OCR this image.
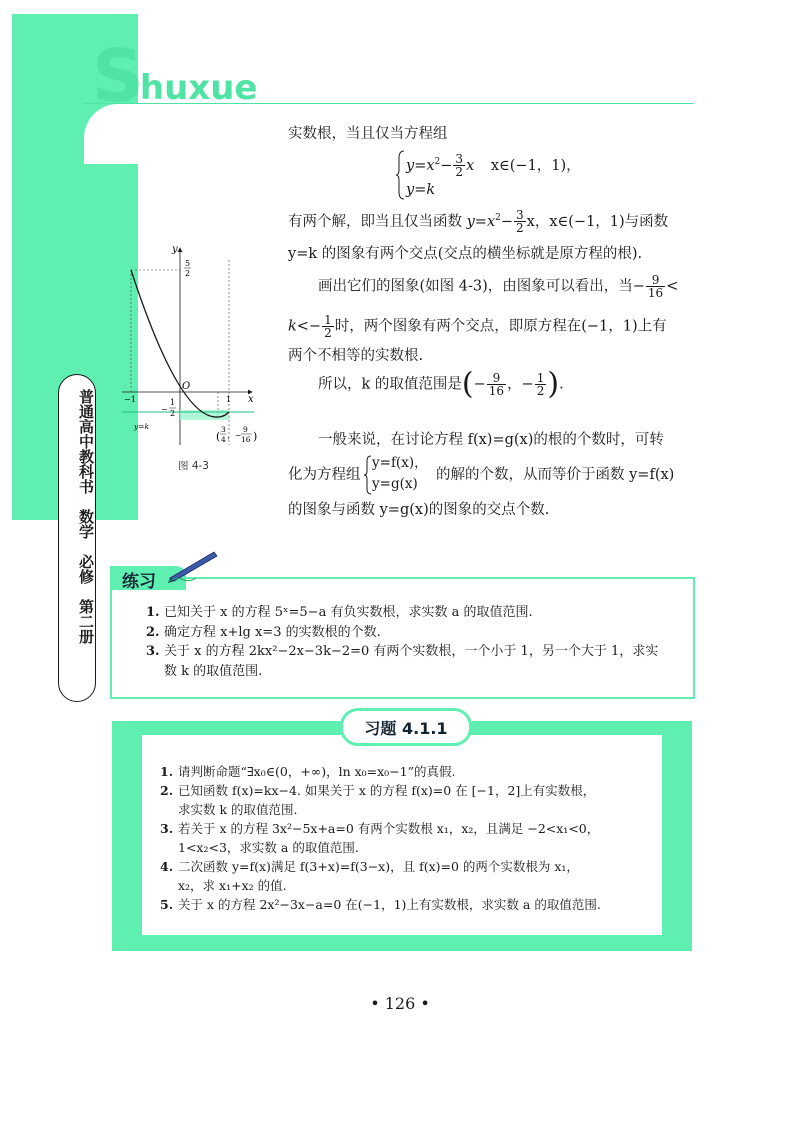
Shuxue
普通高中教科书　数学　必修　第二册
实数根，当且仅当方程组
$y=x^2- \frac{3}{2}$ x x∈(−1，1)，
y=k
有两个解，即当且仅当函数 $y=x^2- \frac{3}{2}$ x，x∈(−1，1)与函数
y=k 的图象有两个交点(交点的横坐标就是原方程的根).
画出它们的图象(如图 4-3)，由图象可以看出，当− $\frac{9}{16}$ <
$k<- \frac{1}{2}$ 时，两个图象有两个交点，即原方程在(−1，1)上有
两个不相等的实数根.
所以，k 的取值范围是(− $\frac{9}{16}$ ，− $\frac{1}{2}$ ).
一般来说，在讨论方程 f(x)=g(x)的根的个数时，可转
化为方程组
y=f(x)，
y=g(x)
的解的个数，从而等价于函数 y=f(x)
的图象与函数 y=g(x)的图象的交点个数.
y
x
O
−1	1
5
2
−
1
2
y=k
(
3
4 ， −
9
16 )
图 4-3
练习
1. 已知关于 x 的方程 5ˣ=5−a 有负实数根，求实数 a 的取值范围.
2. 确定方程 x+lg x=3 的实数根的个数.
3. 关于 x 的方程 2kx²−2x−3k−2=0 有两个实数根，一个小于 1，另一个大于 1，求实
数 k 的取值范围.
习题 4.1.1
1. 请判断命题“∃x₀∈(0，+∞)，ln x₀=x₀−1”的真假.
2. 已知函数 f(x)=kx−4. 如果关于 x 的方程 f(x)=0 在 [−1，2]上有实数根，
求实数 k 的取值范围.
3. 若关于 x 的方程 3x²−5x+a=0 有两个实数根 x₁，x₂，且满足 −2<x₁<0，
1<x₂<3，求实数 a 的取值范围.
4. 二次函数 y=f(x)满足 f(3+x)=f(3−x)，且 f(x)=0 的两个实数根为 x₁，
x₂，求 x₁+x₂ 的值.
5. 关于 x 的方程 2x²−3x−a=0 在(−1，1)上有实数根，求实数 a 的取值范围.
• 126 •
